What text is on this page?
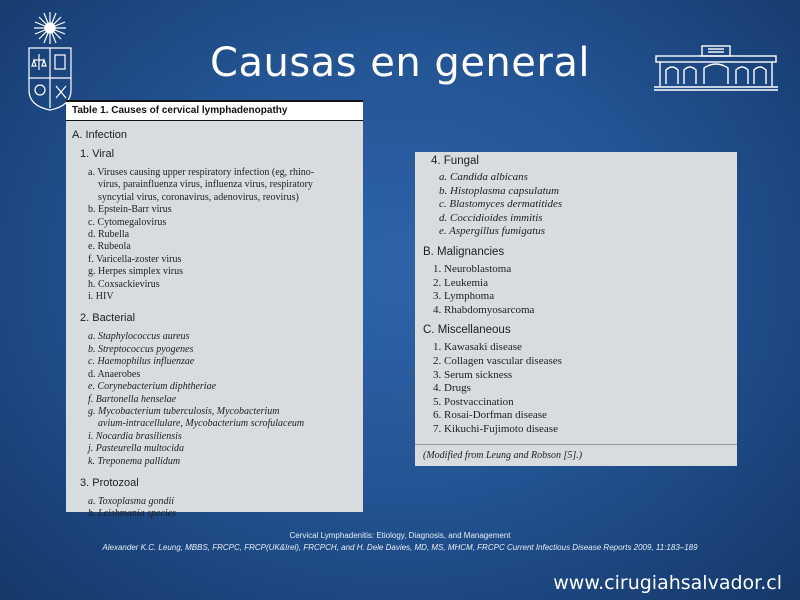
Causas en general
Table 1. Causes of cervical lymphadenopathy
A. Infection
1. Viral
a. Viruses causing upper respiratory infection (eg, rhino-
virus, parainfluenza virus, influenza virus, respiratory
syncytial virus, coronavirus, adenovirus, reovirus)
b. Epstein-Barr virus
c. Cytomegalovirus
d. Rubella
e. Rubeola
f. Varicella-zoster virus
g. Herpes simplex virus
h. Coxsackievirus
i. HIV
2. Bacterial
a. Staphylococcus aureus
b. Streptococcus pyogenes
c. Haemophilus influenzae
d. Anaerobes
e. Corynebacterium diphtheriae
f. Bartonella henselae
g. Mycobacterium tuberculosis, Mycobacterium
avium-intracellulare, Mycobacterium scrofulaceum
i. Nocardia brasiliensis
j. Pasteurella multocida
k. Treponema pallidum
3. Protozoal
a. Toxoplasma gondii
b. Leishmania species
4. Fungal
a. Candida albicans
b. Histoplasma capsulatum
c. Blastomyces dermatitides
d. Coccidioides immitis
e. Aspergillus fumigatus
B. Malignancies
1. Neuroblastoma
2. Leukemia
3. Lymphoma
4. Rhabdomyosarcoma
C. Miscellaneous
1. Kawasaki disease
2. Collagen vascular diseases
3. Serum sickness
4. Drugs
5. Postvaccination
6. Rosai-Dorfman disease
7. Kikuchi-Fujimoto disease
(Modified from Leung and Robson [5].)
Cervical Lymphadenitis: Etiology, Diagnosis, and Management
Alexander K.C. Leung, MBBS, FRCPC, FRCP(UK&Irel), FRCPCH, and H. Dele Davies, MD, MS, MHCM, FRCPC Current Infectious Disease Reports 2009, 11:183–189
www.cirugiahsalvador.cl
